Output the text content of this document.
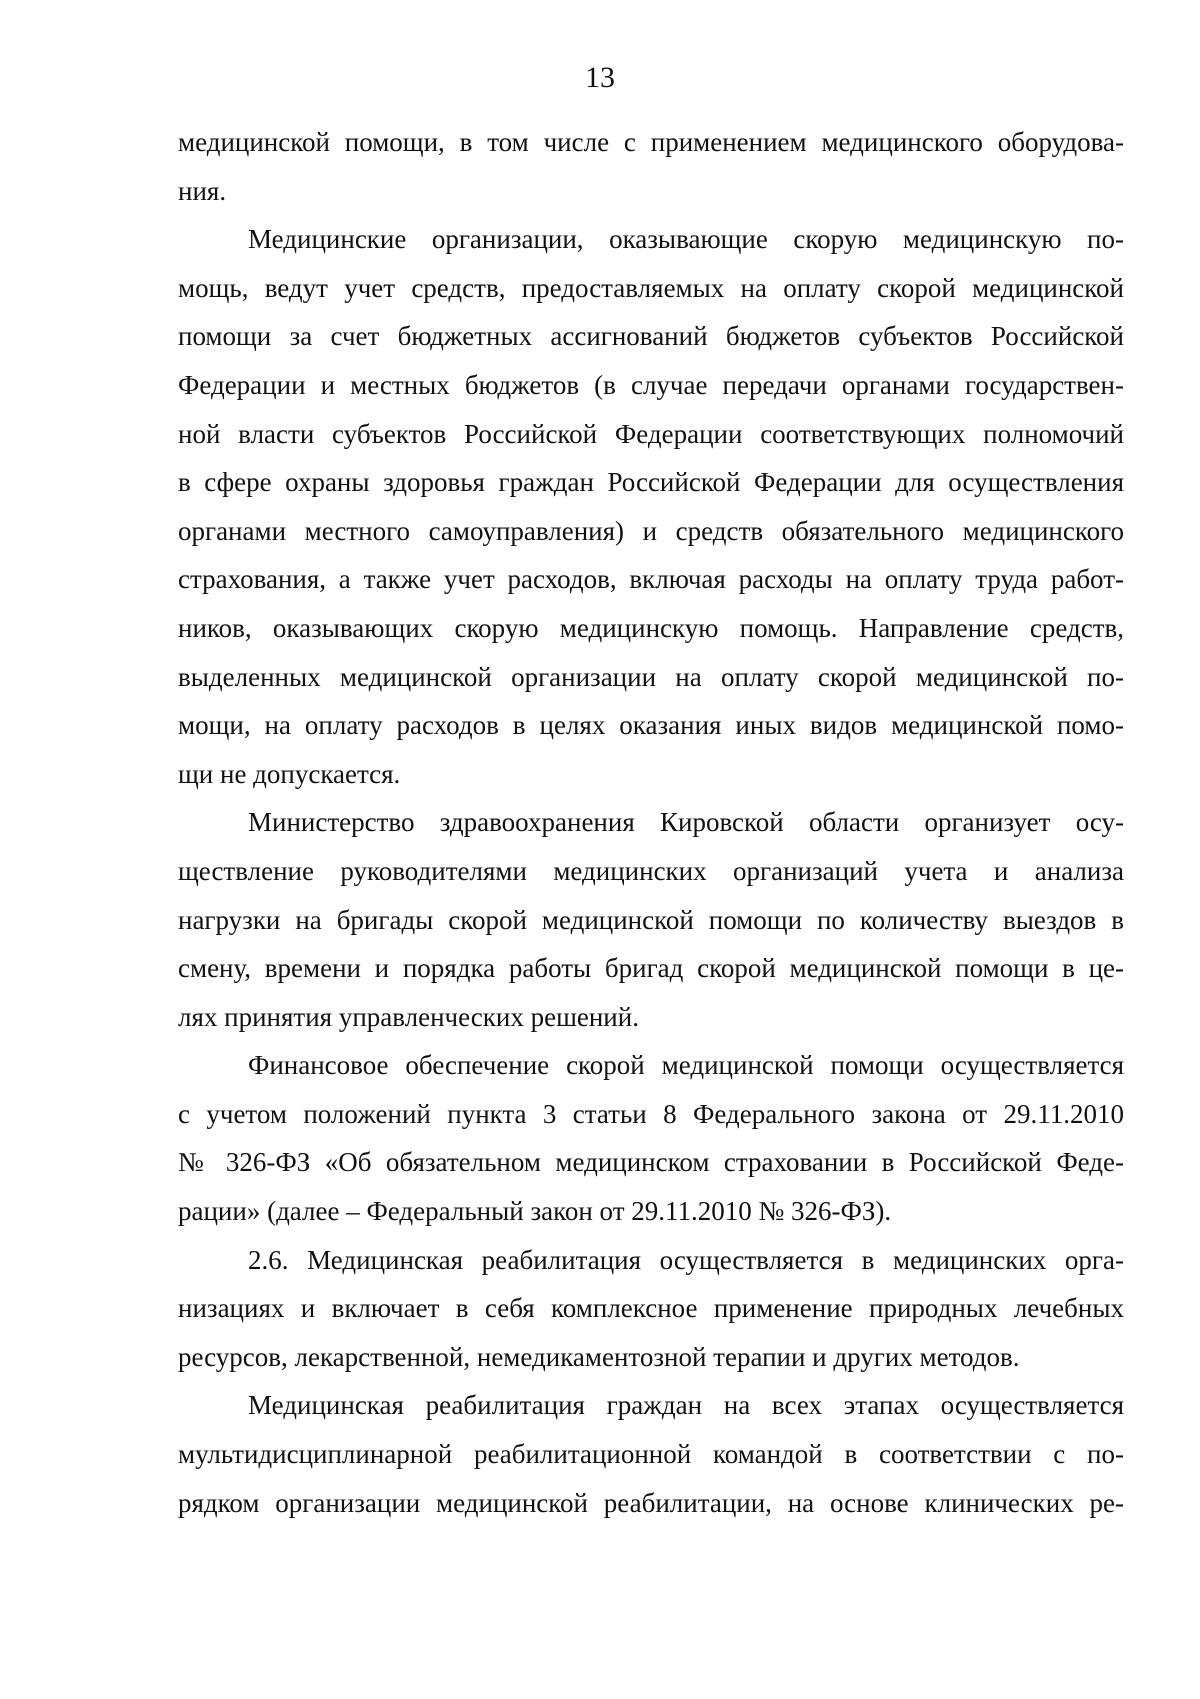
13

медицинской помощи, в том числе с применением медицинского оборудова-
ния.

Медицинские организации, оказывающие скорую медицинскую по-
мощь, ведут учет средств, предоставляемых на оплату скорой медицинской
помощи за счет бюджетных ассигнований бюджетов субъектов Российской
Федерации и местных бюджетов (в случае передачи органами государствен-
ной власти субъектов Российской Федерации соответствующих полномочий
в сфере охраны здоровья граждан Российской Федерации для осуществления
органами местного самоуправления) и средств обязательного медицинского
страхования, а также учет расходов, включая расходы на оплату труда работ-
ников, оказывающих скорую медицинскую помощь. Направление средств,
выделенных медицинской организации на оплату скорой медицинской по-
мощи, на оплату расходов в целях оказания иных видов медицинской помо-
щи не допускается.

Министерство здравоохранения Кировской области организует осу-
ществление руководителями медицинских организаций учета и анализа
нагрузки на бригады скорой медицинской помощи по количеству выездов в
смену, времени и порядка работы бригад скорой медицинской помощи в це-
лях принятия управленческих решений.

Финансовое обеспечение скорой медицинской помощи осуществляется
с учетом положений пункта 3 статьи 8 Федерального закона от 29.11.2010
№ 326-ФЗ «Об обязательном медицинском страховании в Российской Феде-
рации» (далее – Федеральный закон от 29.11.2010 № 326-ФЗ).

2.6. Медицинская реабилитация осуществляется в медицинских орга-
низациях и включает в себя комплексное применение природных лечебных
ресурсов, лекарственной, немедикаментозной терапии и других методов.

Медицинская реабилитация граждан на всех этапах осуществляется
мультидисциплинарной реабилитационной командой в соответствии с по-
рядком организации медицинской реабилитации, на основе клинических ре-
